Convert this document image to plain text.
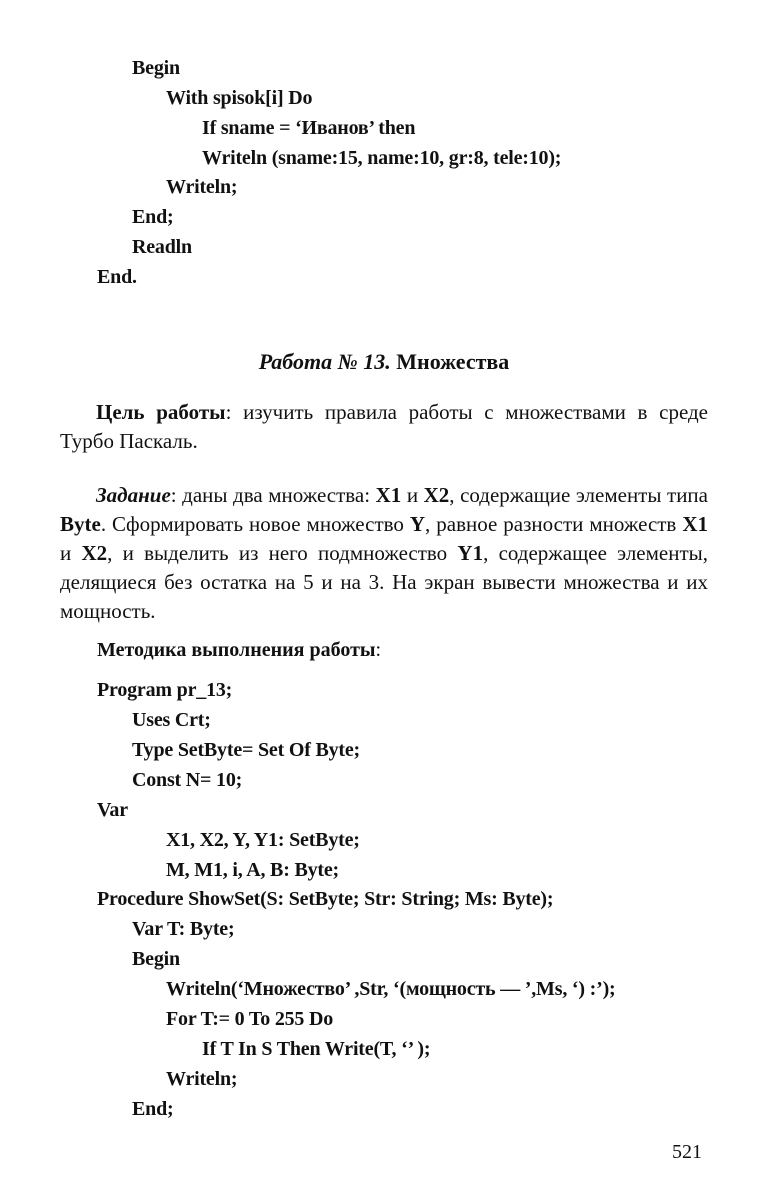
Begin
With spisok[i] Do
If sname = ‘Иванов’ then
Writeln (sname:15, name:10, gr:8, tele:10);
Writeln;
End;
Readln
End.
Работа № 13. Множества

Цель работы: изучить правила работы с множествами в среде Турбо Паскаль.

Задание: даны два множества: X1 и X2, содержащие элементы типа Byte. Сформировать новое множество Y, равное разности множеств X1 и X2, и выделить из него подмножество Y1, содержащее элементы, делящиеся без остатка на 5 и на 3. На экран вывести множества и их мощность.

Методика выполнения работы:
Program pr_13;
Uses Crt;
Type SetByte= Set Of Byte;
Const N= 10;
Var
X1, X2, Y, Y1: SetByte;
M, M1, i, A, B: Byte;
Procedure ShowSet(S: SetByte; Str: String; Ms: Byte);
Var T: Byte;
Begin
Writeln(‘Множество’ ,Str, ‘(мощность — ’,Ms, ‘) :’);
For T:= 0 To 255 Do
If T In S Then Write(T, ‘’ );
Writeln;
End;
521
